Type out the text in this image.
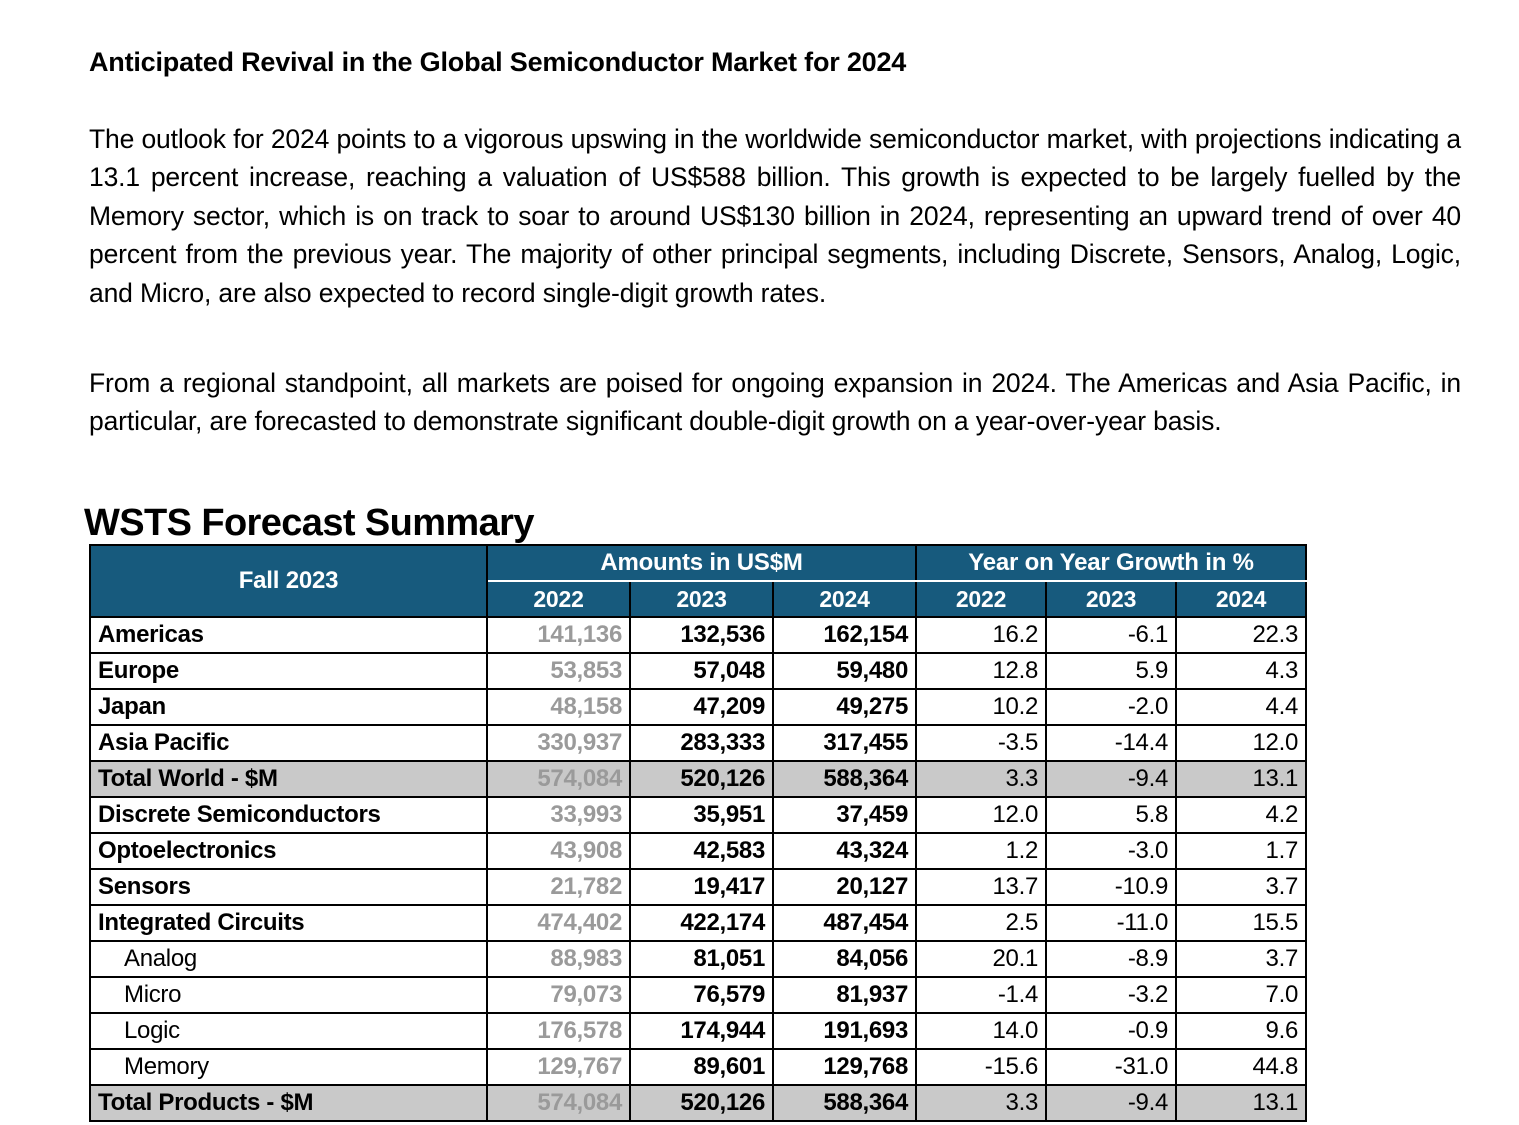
Anticipated Revival in the Global Semiconductor Market for 2024

The outlook for 2024 points to a vigorous upswing in the worldwide semiconductor market, with projections indicating a 13.1 percent increase, reaching a valuation of US$588 billion. This growth is expected to be largely fuelled by the Memory sector, which is on track to soar to around US$130 billion in 2024, representing an upward trend of over 40 percent from the previous year. The majority of other principal segments, including Discrete, Sensors, Analog, Logic, and Micro, are also expected to record single-digit growth rates.

From a regional standpoint, all markets are poised for ongoing expansion in 2024. The Americas and Asia Pacific, in particular, are forecasted to demonstrate significant double-digit growth on a year-over-year basis.

WSTS Forecast Summary
Fall 2023	Amounts in US$M			Year on Year Growth in %		
	2022	2023	2024	2022	2023	2024
Americas	141,136	132,536	162,154	16.2	-6.1	22.3
Europe	53,853	57,048	59,480	12.8	5.9	4.3
Japan	48,158	47,209	49,275	10.2	-2.0	4.4
Asia Pacific	330,937	283,333	317,455	-3.5	-14.4	12.0
Total World - $M	574,084	520,126	588,364	3.3	-9.4	13.1
Discrete Semiconductors	33,993	35,951	37,459	12.0	5.8	4.2
Optoelectronics	43,908	42,583	43,324	1.2	-3.0	1.7
Sensors	21,782	19,417	20,127	13.7	-10.9	3.7
Integrated Circuits	474,402	422,174	487,454	2.5	-11.0	15.5
Analog	88,983	81,051	84,056	20.1	-8.9	3.7
Micro	79,073	76,579	81,937	-1.4	-3.2	7.0
Logic	176,578	174,944	191,693	14.0	-0.9	9.6
Memory	129,767	89,601	129,768	-15.6	-31.0	44.8
Total Products - $M	574,084	520,126	588,364	3.3	-9.4	13.1
